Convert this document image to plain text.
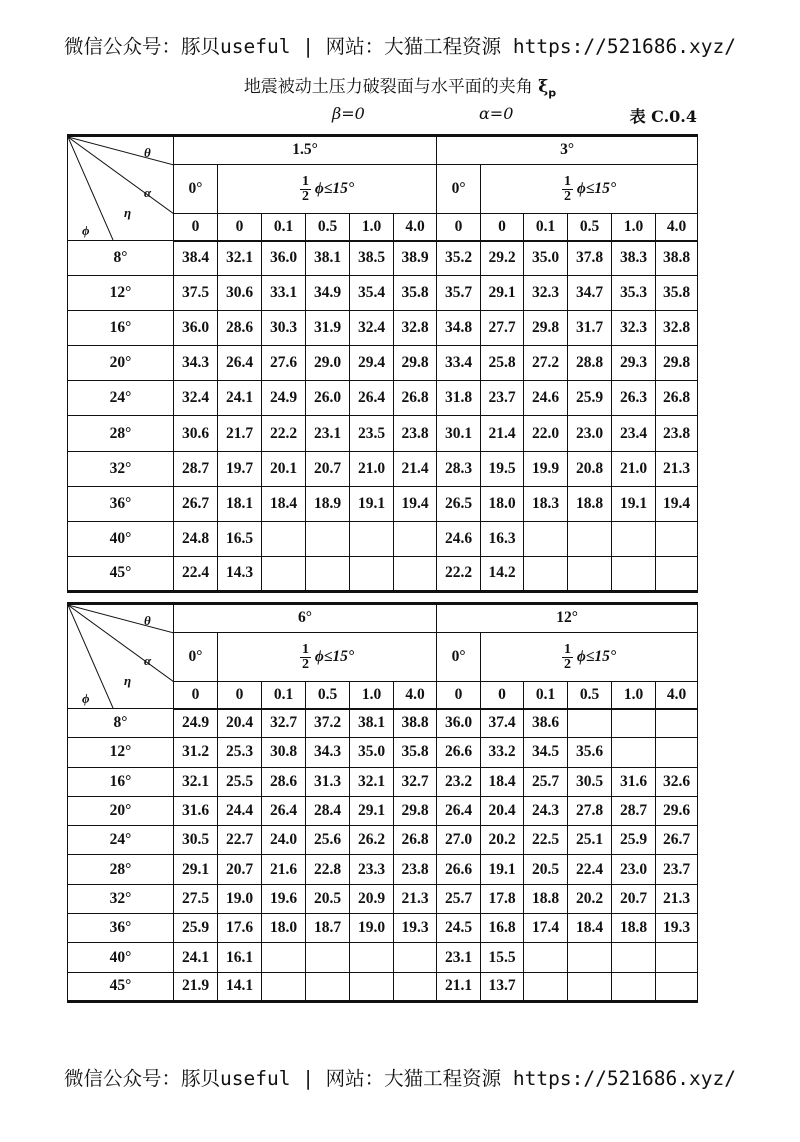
微信公众号：豚贝useful | 网站：大猫工程资源 https://521686.xyz/
地震被动土压力破裂面与水平面的夹角 $\xi_p$
β=0	α=0	表 C.0.4
θ
α
η
ϕ	1.5°						3°					
	0°	$\frac{1}{2} \phi\le 15^\circ$					0°	$\frac{1}{2} \phi\le 15^\circ$				
	0	0	0.1	0.5	1.0	4.0	0	0	0.1	0.5	1.0	4.0
8°	38.4	32.1	36.0	38.1	38.5	38.9	35.2	29.2	35.0	37.8	38.3	38.8
12°	37.5	30.6	33.1	34.9	35.4	35.8	35.7	29.1	32.3	34.7	35.3	35.8
16°	36.0	28.6	30.3	31.9	32.4	32.8	34.8	27.7	29.8	31.7	32.3	32.8
20°	34.3	26.4	27.6	29.0	29.4	29.8	33.4	25.8	27.2	28.8	29.3	29.8
24°	32.4	24.1	24.9	26.0	26.4	26.8	31.8	23.7	24.6	25.9	26.3	26.8
28°	30.6	21.7	22.2	23.1	23.5	23.8	30.1	21.4	22.0	23.0	23.4	23.8
32°	28.7	19.7	20.1	20.7	21.0	21.4	28.3	19.5	19.9	20.8	21.0	21.3
36°	26.7	18.1	18.4	18.9	19.1	19.4	26.5	18.0	18.3	18.8	19.1	19.4
40°	24.8	16.5					24.6	16.3				
45°	22.4	14.3					22.2	14.2				
θ
α
η
ϕ	6°						12°					
	0°	$\frac{1}{2} \phi\le 15^\circ$					0°	$\frac{1}{2} \phi\le 15^\circ$				
	0	0	0.1	0.5	1.0	4.0	0	0	0.1	0.5	1.0	4.0
8°	24.9	20.4	32.7	37.2	38.1	38.8	36.0	37.4	38.6			
12°	31.2	25.3	30.8	34.3	35.0	35.8	26.6	33.2	34.5	35.6		
16°	32.1	25.5	28.6	31.3	32.1	32.7	23.2	18.4	25.7	30.5	31.6	32.6
20°	31.6	24.4	26.4	28.4	29.1	29.8	26.4	20.4	24.3	27.8	28.7	29.6
24°	30.5	22.7	24.0	25.6	26.2	26.8	27.0	20.2	22.5	25.1	25.9	26.7
28°	29.1	20.7	21.6	22.8	23.3	23.8	26.6	19.1	20.5	22.4	23.0	23.7
32°	27.5	19.0	19.6	20.5	20.9	21.3	25.7	17.8	18.8	20.2	20.7	21.3
36°	25.9	17.6	18.0	18.7	19.0	19.3	24.5	16.8	17.4	18.4	18.8	19.3
40°	24.1	16.1					23.1	15.5				
45°	21.9	14.1					21.1	13.7				
微信公众号：豚贝useful | 网站：大猫工程资源 https://521686.xyz/
